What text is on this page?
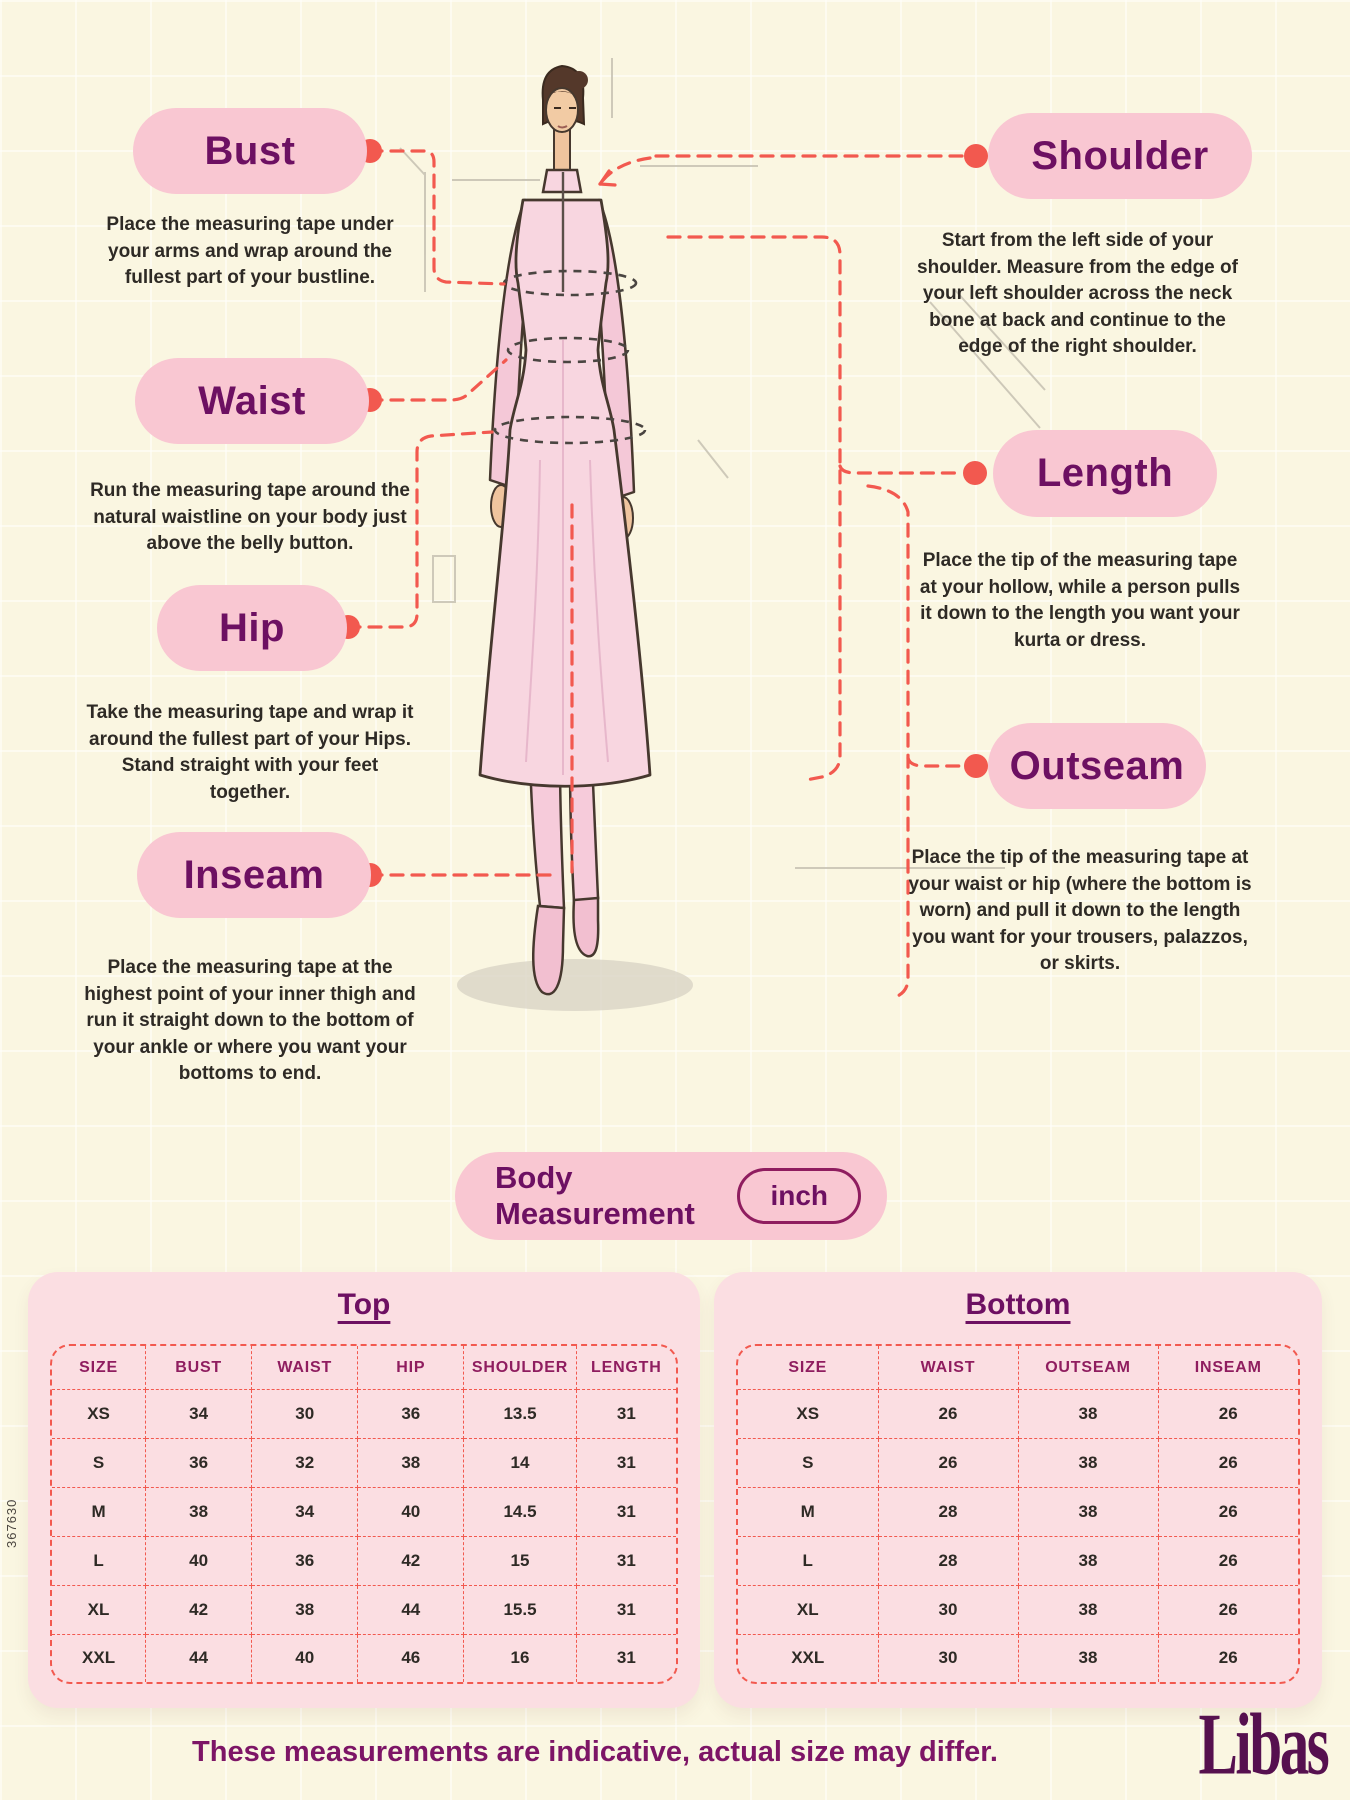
Bust
Place the measuring tape under your arms and wrap around the fullest part of your bustline.
Waist
Run the measuring tape around the natural waistline on your body just above the belly button.
Hip
Take the measuring tape and wrap it around the fullest part of your Hips. Stand straight with your feet together.
Inseam
Place the measuring tape at the highest point of your inner thigh and run it straight down to the bottom of your ankle or where you want your bottoms to end.
Shoulder
Start from the left side of your shoulder. Measure from the edge of your left shoulder across the neck bone at back and continue to the edge of the right shoulder.
Length
Place the tip of the measuring tape at your hollow, while a person pulls it down to the length you want your kurta or dress.
Outseam
Place the tip of the measuring tape at your waist or hip (where the bottom is worn) and pull it down to the length you want for your trousers, palazzos, or skirts.
Body Measurement
inch
Top
SIZE	BUST	WAIST	HIP	SHOULDER	LENGTH
XS	34	30	36	13.5	31
S	36	32	38	14	31
M	38	34	40	14.5	31
L	40	36	42	15	31
XL	42	38	44	15.5	31
XXL	44	40	46	16	31
Bottom
SIZE	WAIST	OUTSEAM	INSEAM
XS	26	38	26
S	26	38	26
M	28	38	26
L	28	38	26
XL	30	38	26
XXL	30	38	26
These measurements are indicative, actual size may differ.	Libas
367630
